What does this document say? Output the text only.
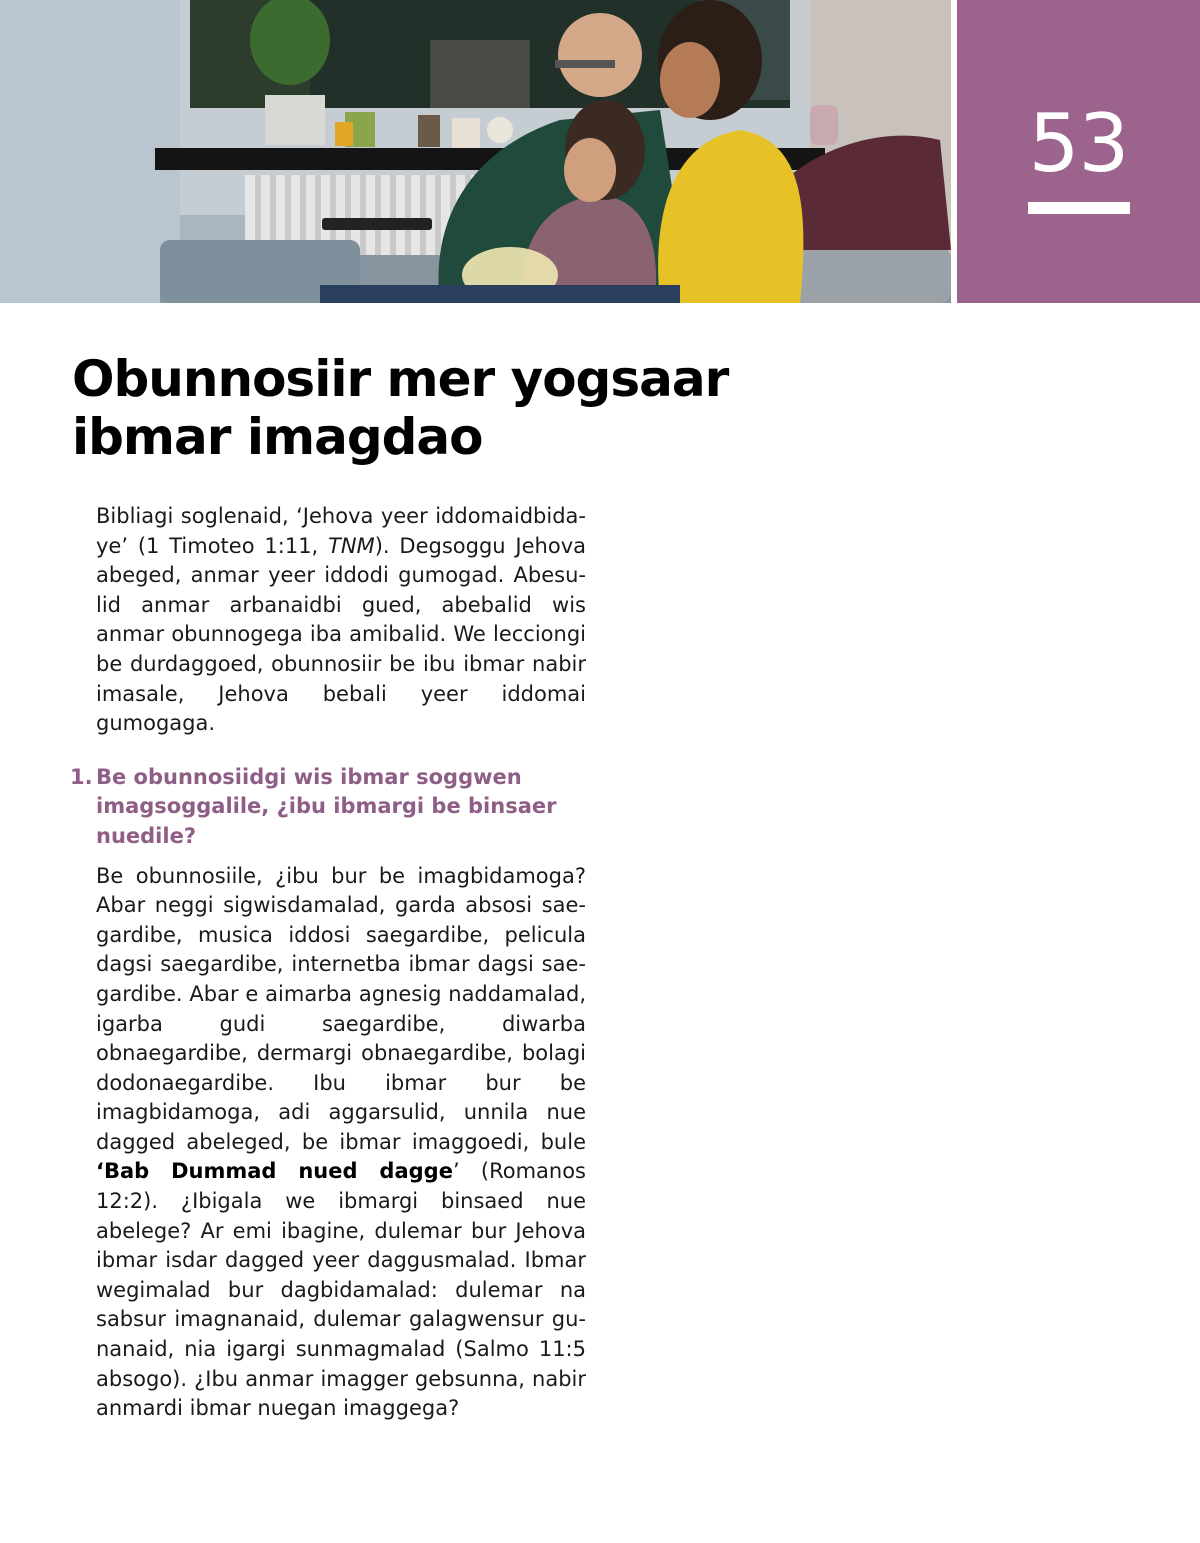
53
Obunnosiir mer yogsaar
ibmar imagdao

Bibliagi soglenaid, ‘Jehova yeer iddomaidbidaye’ (1 Timoteo 1:11, TNM). Degsoggu Jehova abeged, anmar yeer iddodi gumogad. Abesulid anmar arbanaidbi gued, abebalid wis anmar obunnogega iba amibalid. We lecciongi be durdaggoed, obunnosiir be ibu ibmar nabir imasale, Jehova bebali yeer iddomai gumogaga.

1. Be obunnosiidgi wis ibmar soggwen imagsoggalile, ¿ibu ibmargi be binsaer nuedile?

Be obunnosiile, ¿ibu bur be imagbidamoga? Abar neggi sigwisdamalad, garda absosi saegardibe, musica iddosi saegardibe, pelicula dagsi saegardibe, internetba ibmar dagsi saegardibe. Abar e aimarba agnesig naddamalad, igarba gudi saegardibe, diwarba obnaegardibe, dermargi obnaegardibe, bolagi dodonaegardibe. Ibu ibmar bur be imagbidamoga, adi aggarsulid, unnila nue dagged abeleged, be ibmar imaggoedi, bule ‘Bab Dummad nued dagge’ (Romanos 12:2). ¿Ibigala we ibmargi binsaed nue abelege? Ar emi ibagine, dulemar bur Jehova ibmar isdar dagged yeer daggusmalad. Ibmar wegimalad bur dagbidamalad: dulemar na sabsur imagnanaid, dulemar galagwensur gunanaid, nia igargi sunmagmalad (Salmo 11:5 absogo). ¿Ibu anmar imagger gebsunna, nabir anmardi ibmar nuegan imaggega?
